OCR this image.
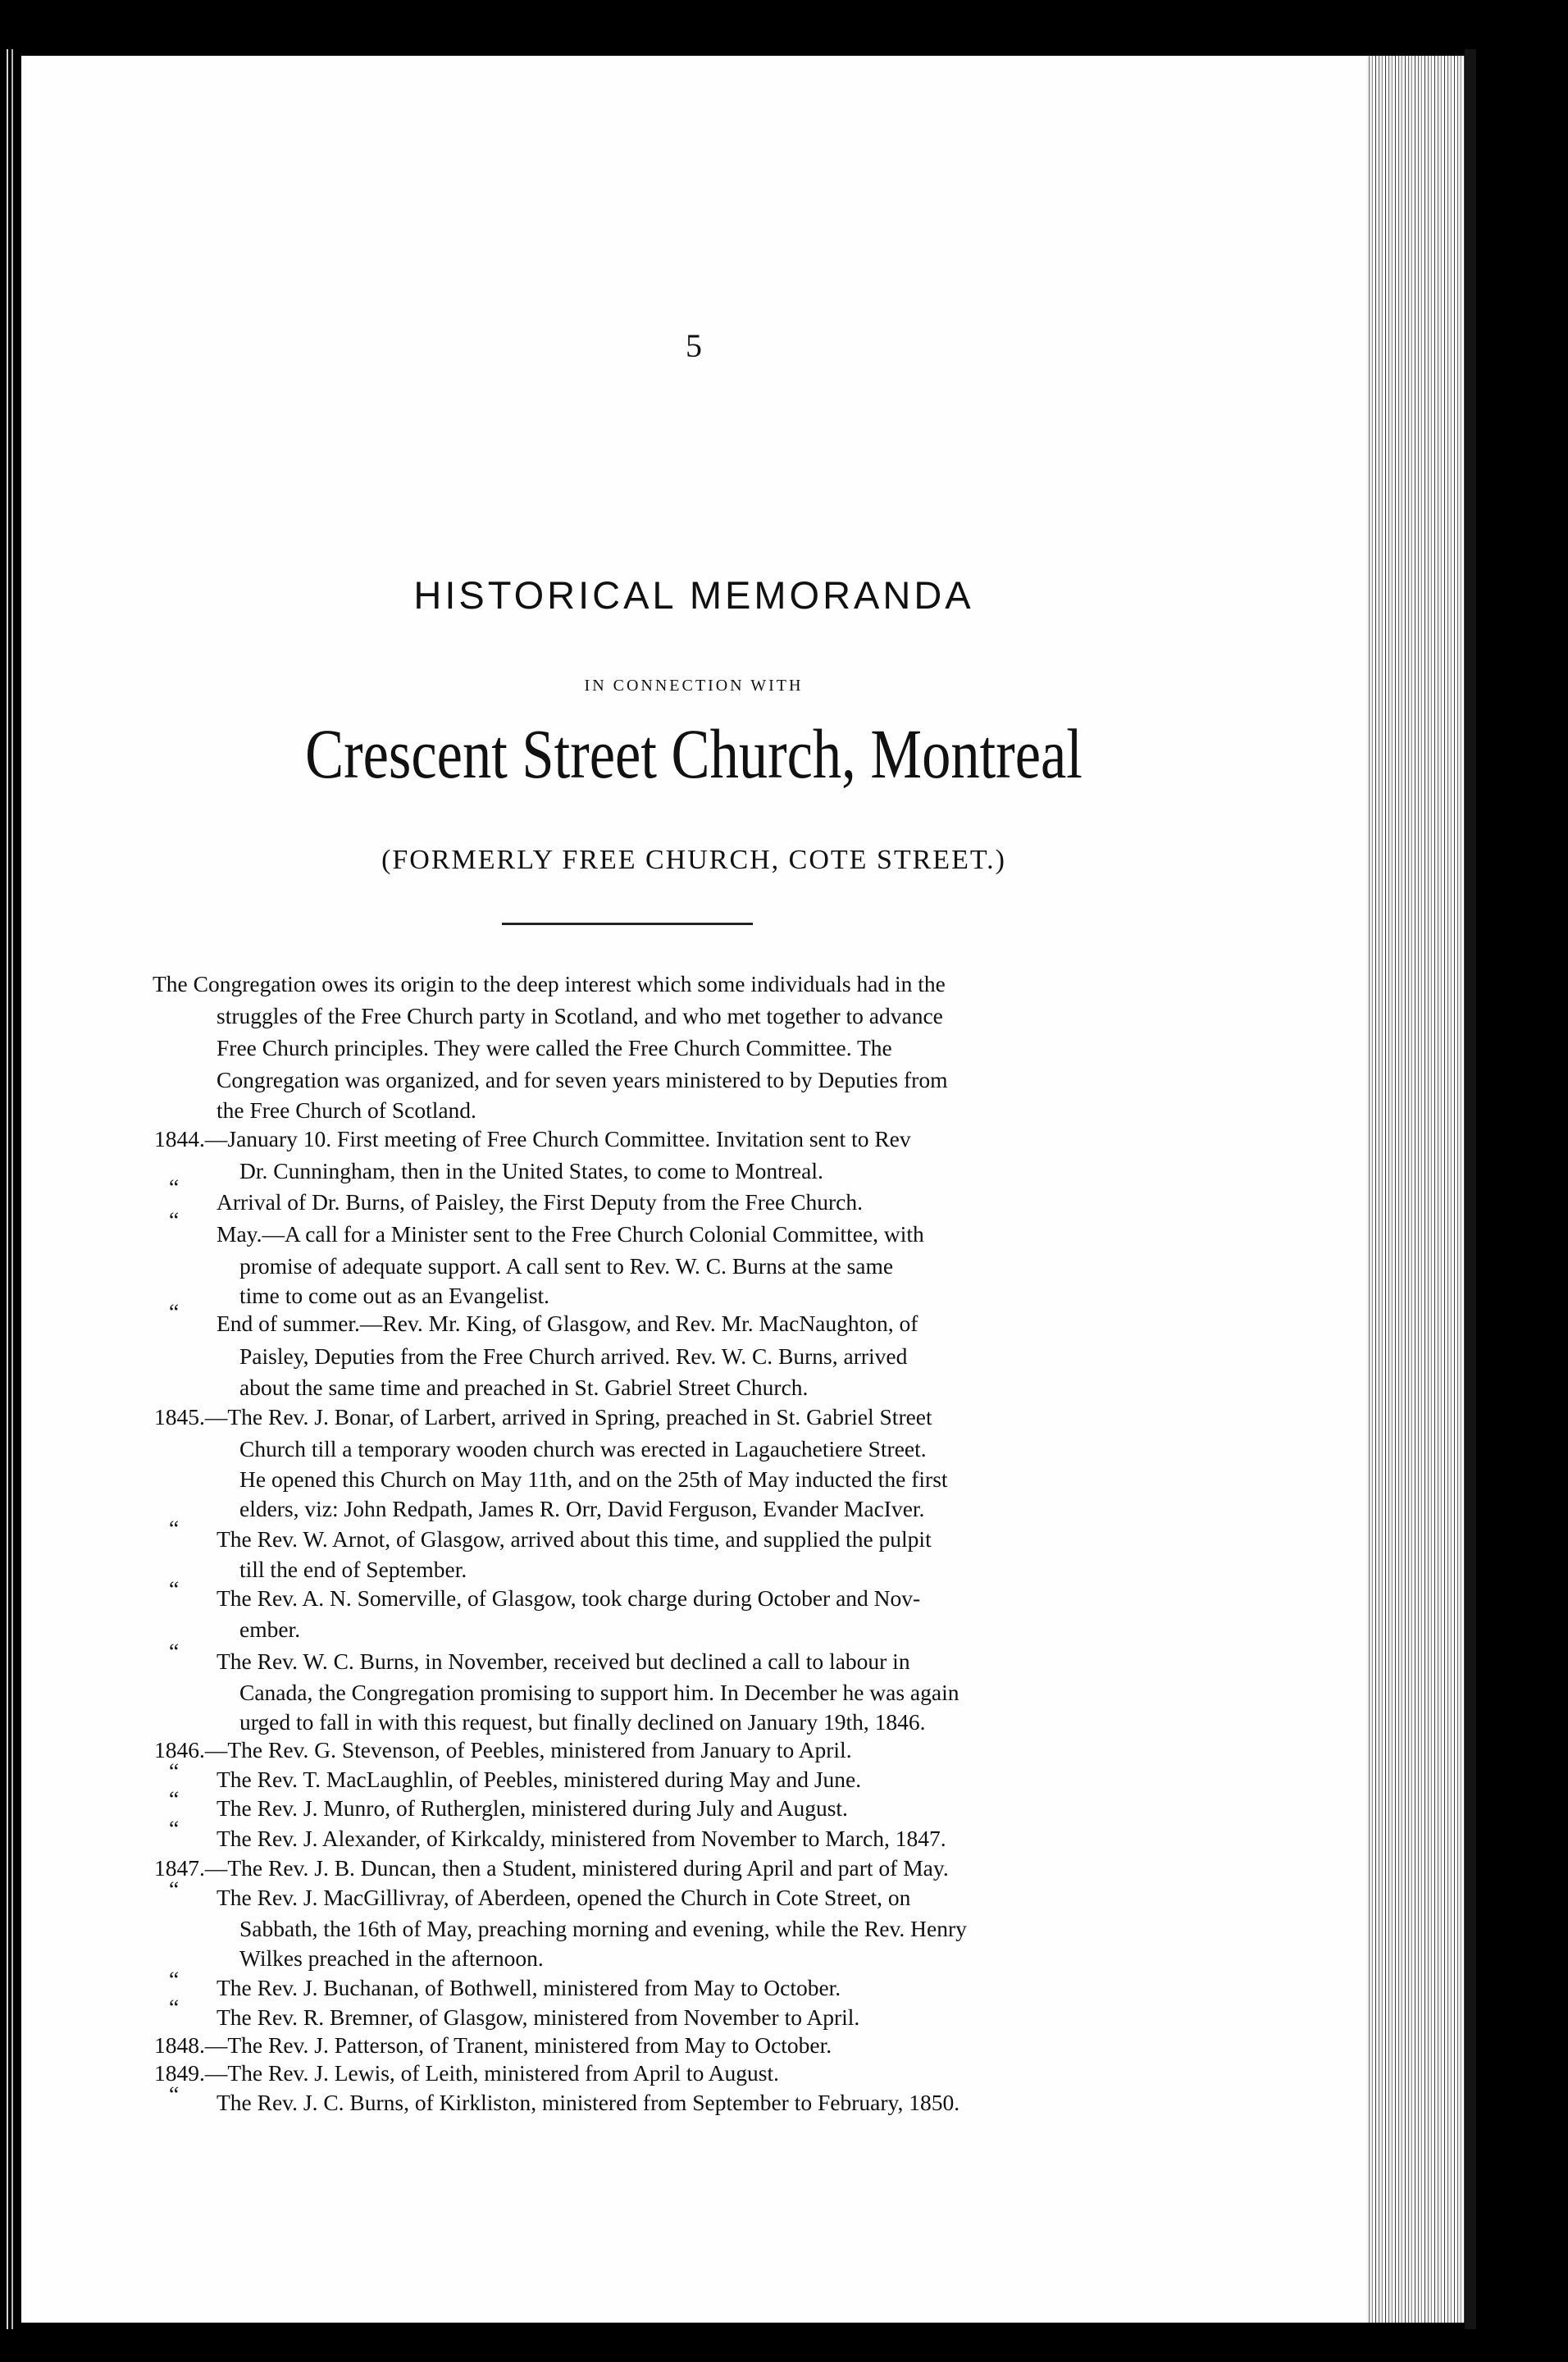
5
HISTORICAL MEMORANDA
IN CONNECTION WITH
Crescent Street Church, Montreal
(FORMERLY FREE CHURCH, COTE STREET.)
The Congregation owes its origin to the deep interest which some individuals had in the
struggles of the Free Church party in Scotland, and who met together to advance
Free Church principles. They were called the Free Church Committee. The
Congregation was organized, and for seven years ministered to by Deputies from
the Free Church of Scotland.
1844.—January 10. First meeting of Free Church Committee. Invitation sent to Rev
Dr. Cunningham, then in the United States, to come to Montreal.
“
Arrival of Dr. Burns, of Paisley, the First Deputy from the Free Church.
“
May.—A call for a Minister sent to the Free Church Colonial Committee, with
promise of adequate support. A call sent to Rev. W. C. Burns at the same
time to come out as an Evangelist.
“ End of summer.—Rev. Mr. King, of Glasgow, and Rev. Mr. MacNaughton, of
Paisley, Deputies from the Free Church arrived. Rev. W. C. Burns, arrived
about the same time and preached in St. Gabriel Street Church.
1845.—The Rev. J. Bonar, of Larbert, arrived in Spring, preached in St. Gabriel Street
Church till a temporary wooden church was erected in Lagauchetiere Street.
He opened this Church on May 11th, and on the 25th of May inducted the first
elders, viz: John Redpath, James R. Orr, David Ferguson, Evander MacIver.
“ The Rev. W. Arnot, of Glasgow, arrived about this time, and supplied the pulpit
till the end of September.
“ The Rev. A. N. Somerville, of Glasgow, took charge during October and Nov-
ember.
“ The Rev. W. C. Burns, in November, received but declined a call to labour in
Canada, the Congregation promising to support him. In December he was again
urged to fall in with this request, but finally declined on January 19th, 1846.
1846.—The Rev. G. Stevenson, of Peebles, ministered from January to April.
“ The Rev. T. MacLaughlin, of Peebles, ministered during May and June.
“ The Rev. J. Munro, of Rutherglen, ministered during July and August.
“ The Rev. J. Alexander, of Kirkcaldy, ministered from November to March, 1847.
1847.—The Rev. J. B. Duncan, then a Student, ministered during April and part of May.
“ The Rev. J. MacGillivray, of Aberdeen, opened the Church in Cote Street, on
Sabbath, the 16th of May, preaching morning and evening, while the Rev. Henry
Wilkes preached in the afternoon.
“ The Rev. J. Buchanan, of Bothwell, ministered from May to October.
“ The Rev. R. Bremner, of Glasgow, ministered from November to April.
1848.—The Rev. J. Patterson, of Tranent, ministered from May to October.
1849.—The Rev. J. Lewis, of Leith, ministered from April to August.
“ The Rev. J. C. Burns, of Kirkliston, ministered from September to February, 1850.
